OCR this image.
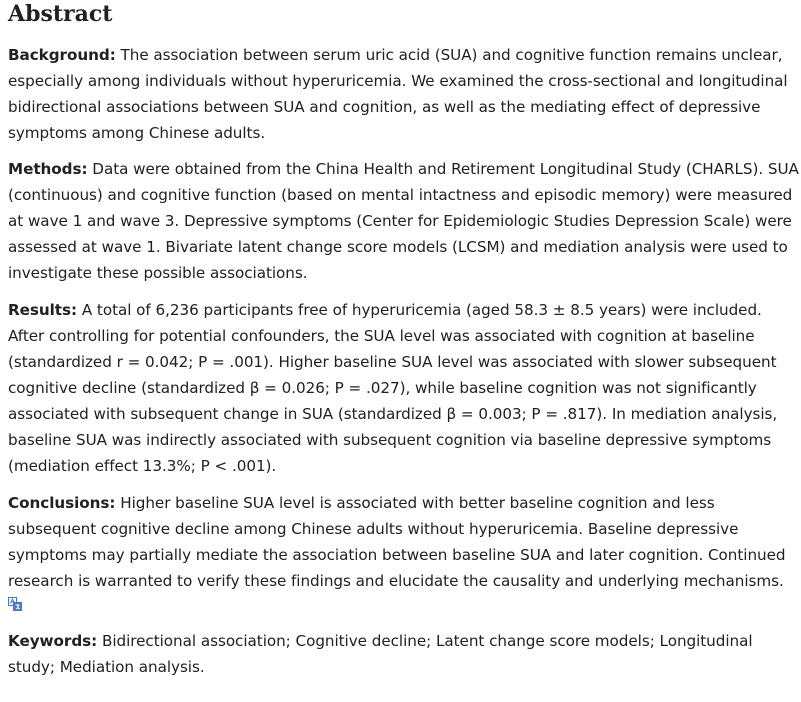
Abstract

Background: The association between serum uric acid (SUA) and cognitive function remains unclear, especially among individuals without hyperuricemia. We examined the cross-sectional and longitudinal bidirectional associations between SUA and cognition, as well as the mediating effect of depressive symptoms among Chinese adults.

Methods: Data were obtained from the China Health and Retirement Longitudinal Study (CHARLS). SUA (continuous) and cognitive function (based on mental intactness and episodic memory) were measured at wave 1 and wave 3. Depressive symptoms (Center for Epidemiologic Studies Depression Scale) were assessed at wave 1. Bivariate latent change score models (LCSM) and mediation analysis were used to investigate these possible associations.

Results: A total of 6,236 participants free of hyperuricemia (aged 58.3 ± 8.5 years) were included. After controlling for potential confounders, the SUA level was associated with cognition at baseline (standardized r = 0.042; P = .001). Higher baseline SUA level was associated with slower subsequent cognitive decline (standardized β = 0.026; P = .027), while baseline cognition was not significantly associated with subsequent change in SUA (standardized β = 0.003; P = .817). In mediation analysis, baseline SUA was indirectly associated with subsequent cognition via baseline depressive symptoms (mediation effect 13.3%; P < .001).

Conclusions: Higher baseline SUA level is associated with better baseline cognition and less subsequent cognitive decline among Chinese adults without hyperuricemia. Baseline depressive symptoms may partially mediate the association between baseline SUA and later cognition. Continued research is warranted to verify these findings and elucidate the causality and underlying mechanisms.

Keywords: Bidirectional association; Cognitive decline; Latent change score models; Longitudinal study; Mediation analysis.
